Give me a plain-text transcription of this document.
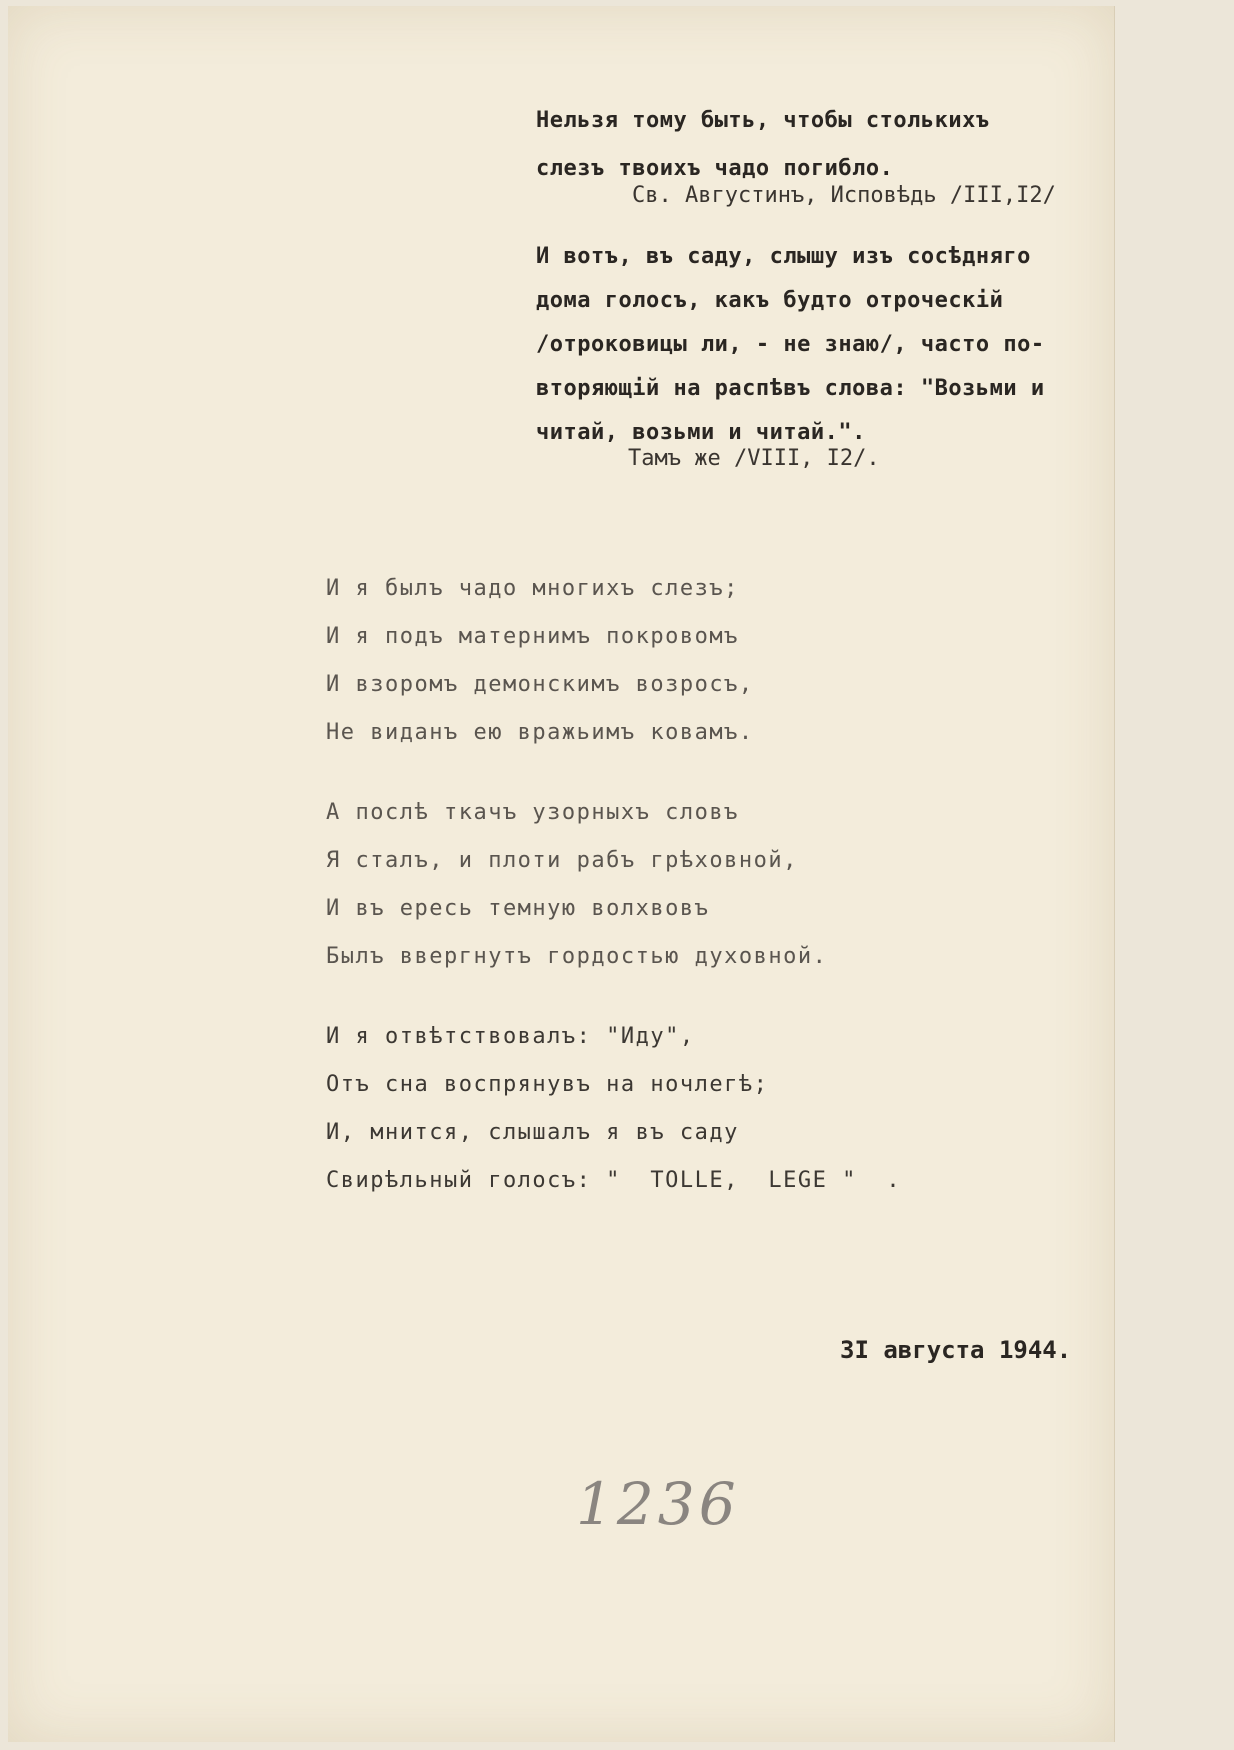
Нельзя тому быть, чтобы столькихъ
слезъ твоихъ чадо погибло.
Св. Августинъ, Исповѣдь /III,I2/
И вотъ, въ саду, слышу изъ сосѣдняго
дома голосъ, какъ будто отроческій
/отроковицы ли, - не знаю/, часто по-
вторяющій на распѣвъ слова: "Возьми и
читай, возьми и читай.".
Тамъ же /VIII, I2/.
И я былъ чадо многихъ слезъ;
И я подъ матернимъ покровомъ
И взоромъ демонскимъ возросъ,
Не виданъ ею вражьимъ ковамъ.
А послѣ ткачъ узорныхъ словъ
Я сталъ, и плоти рабъ грѣховной,
И въ ересь темную волхвовъ
Былъ ввергнутъ гордостью духовной.
И я отвѣтствовалъ: "Иду",
Отъ сна воспрянувъ на ночлегѣ;
И, мнится, слышалъ я въ саду
Свирѣльный голосъ: "  TOLLE,  LEGE "  .
3I августа 1944.
1236
